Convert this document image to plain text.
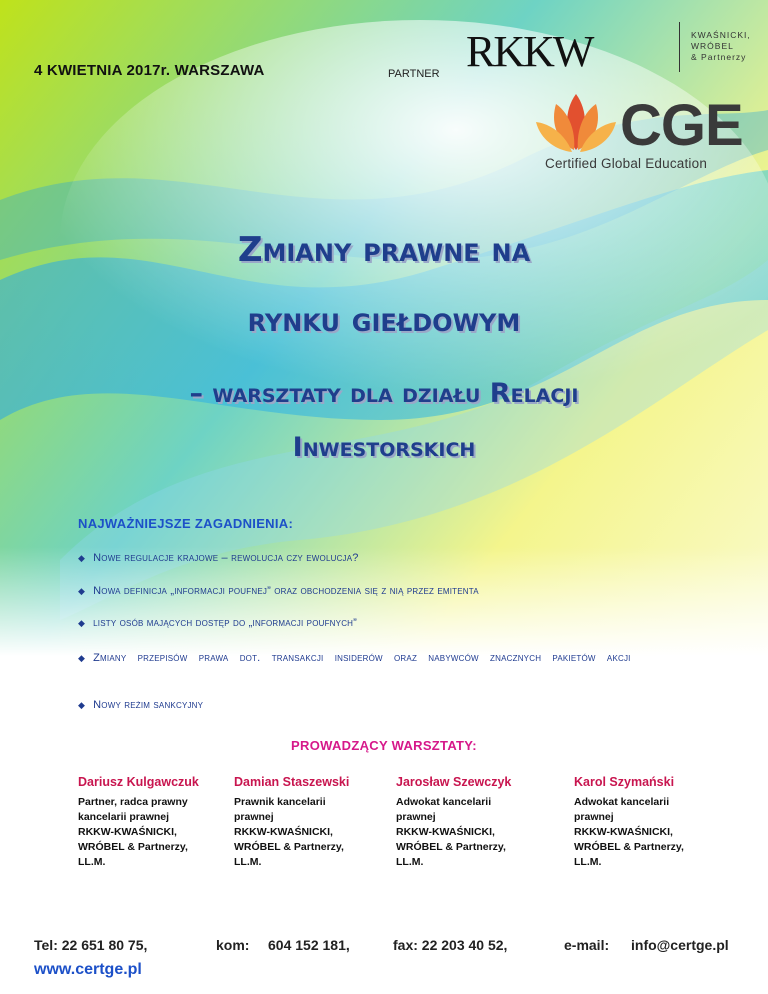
4 KWIETNIA 2017r. WARSZAWA	PARTNER RKKW	KWAŚNICKI,
WRÓBEL
& Partnerzy
CGE
Certified Global Education
Zmiany prawne na
rynku giełdowym
– warsztaty dla działu Relacji
Inwestorskich
NAJWAŻNIEJSZE ZAGADNIENIA:
◆ Nowe regulacje krajowe – rewolucja czy ewolucja?
◆ Nowa definicja „informacji poufnej” oraz obchodzenia się z nią przez emitenta
◆ listy osób mających dostęp do „informacji poufnych”
◆ Zmiany przepisów prawa dot. transakcji insiderów oraz nabywców znacznych pakietów akcji
◆ Nowy reżim sankcyjny
PROWADZĄCY WARSZTATY:
Dariusz Kulgawczuk
Partner, radca prawny
kancelarii prawnej
RKKW-KWAŚNICKI,
WRÓBEL & Partnerzy,
LL.M.
Damian Staszewski
Prawnik kancelarii
prawnej
RKKW-KWAŚNICKI,
WRÓBEL & Partnerzy,
LL.M.
Jarosław Szewczyk
Adwokat kancelarii
prawnej
RKKW-KWAŚNICKI,
WRÓBEL & Partnerzy,
LL.M.
Karol Szymański
Adwokat kancelarii
prawnej
RKKW-KWAŚNICKI,
WRÓBEL & Partnerzy,
LL.M.
Tel: 22 651 80 75,	kom: 604 152 181,	fax: 22 203 40 52,	e-mail: info@certge.pl
www.certge.pl
